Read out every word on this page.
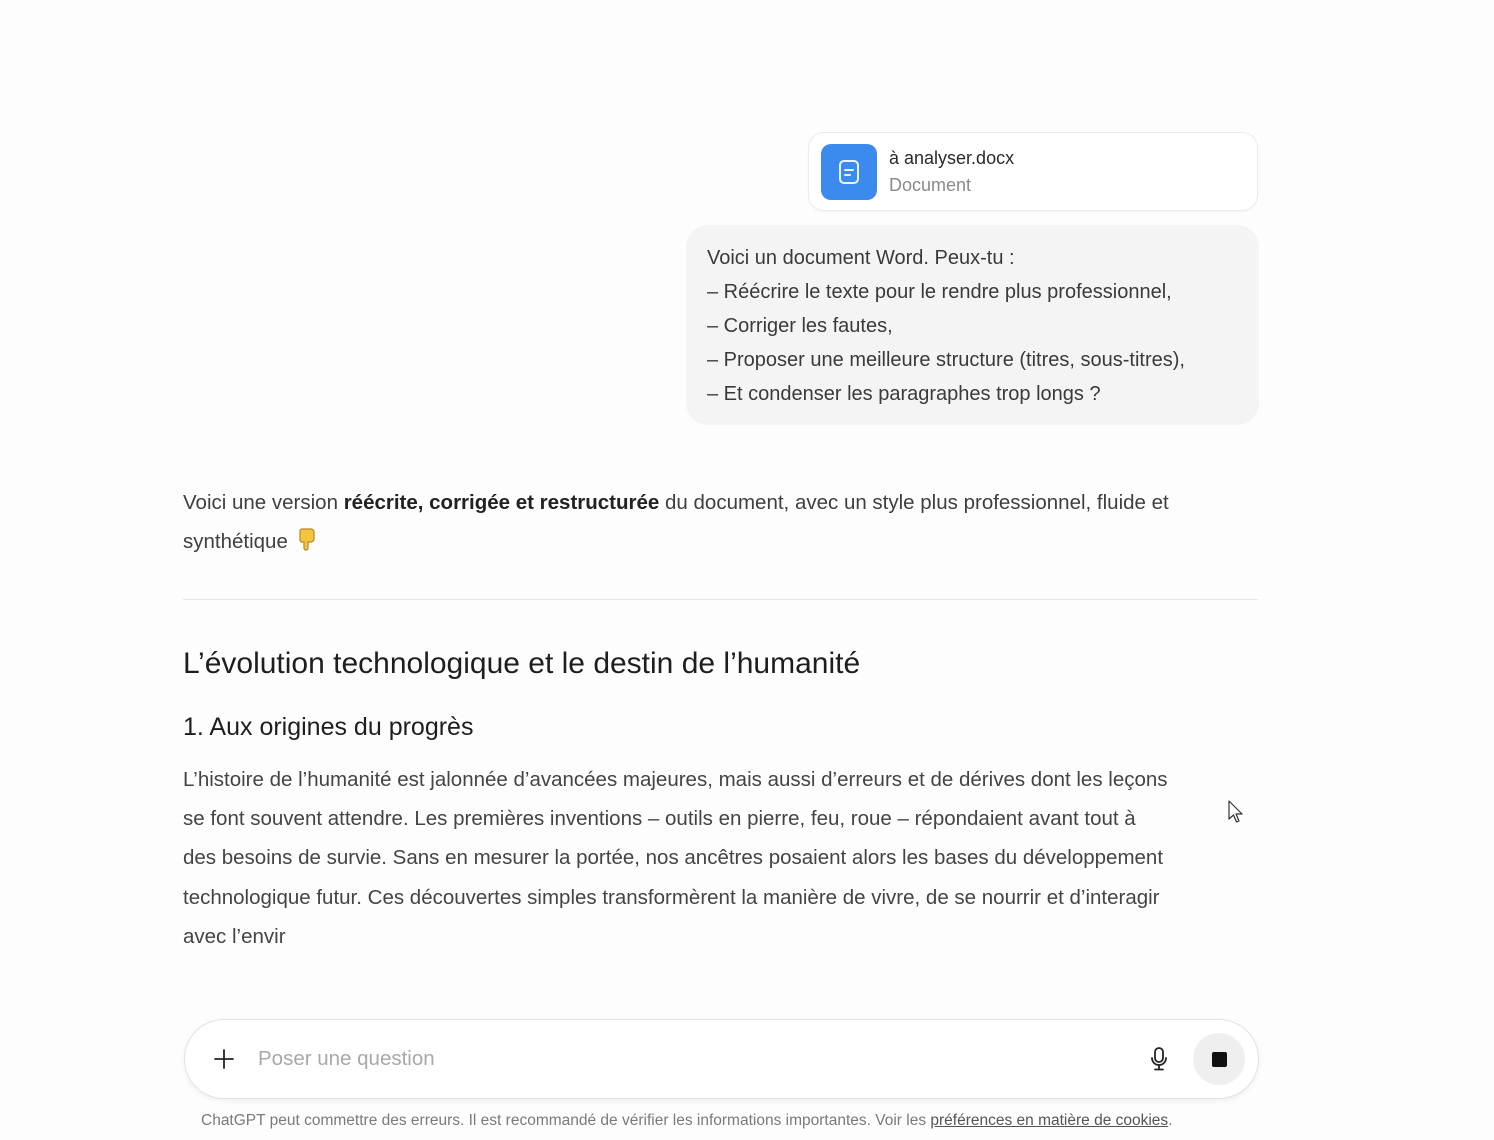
à analyser.docx
Document
Voici un document Word. Peux-tu :
– Réécrire le texte pour le rendre plus professionnel,
– Corriger les fautes,
– Proposer une meilleure structure (titres, sous-titres),
– Et condenser les paragraphes trop longs ?
Voici une version réécrite, corrigée et restructurée du document, avec un style plus professionnel, fluide et
synthétique
L’évolution technologique et le destin de l’humanité
1. Aux origines du progrès
L’histoire de l’humanité est jalonnée d’avancées majeures, mais aussi d’erreurs et de dérives dont les leçons
se font souvent attendre. Les premières inventions – outils en pierre, feu, roue – répondaient avant tout à
des besoins de survie. Sans en mesurer la portée, nos ancêtres posaient alors les bases du développement
technologique futur. Ces découvertes simples transformèrent la manière de vivre, de se nourrir et d’interagir
avec l’envir
Poser une question
ChatGPT peut commettre des erreurs. Il est recommandé de vérifier les informations importantes. Voir les préférences en matière de cookies.
